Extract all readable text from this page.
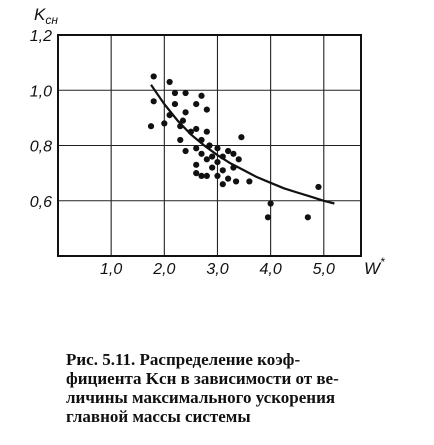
1,0 2,0 3,0 4,0 5,0
1,2
1,0
0,8
0,6
$K_{сн}$
W*
Рис. 5.11. Распределение коэф-
фициента Kсн в зависимости от ве-
личины максимального ускорения
главной массы системы
